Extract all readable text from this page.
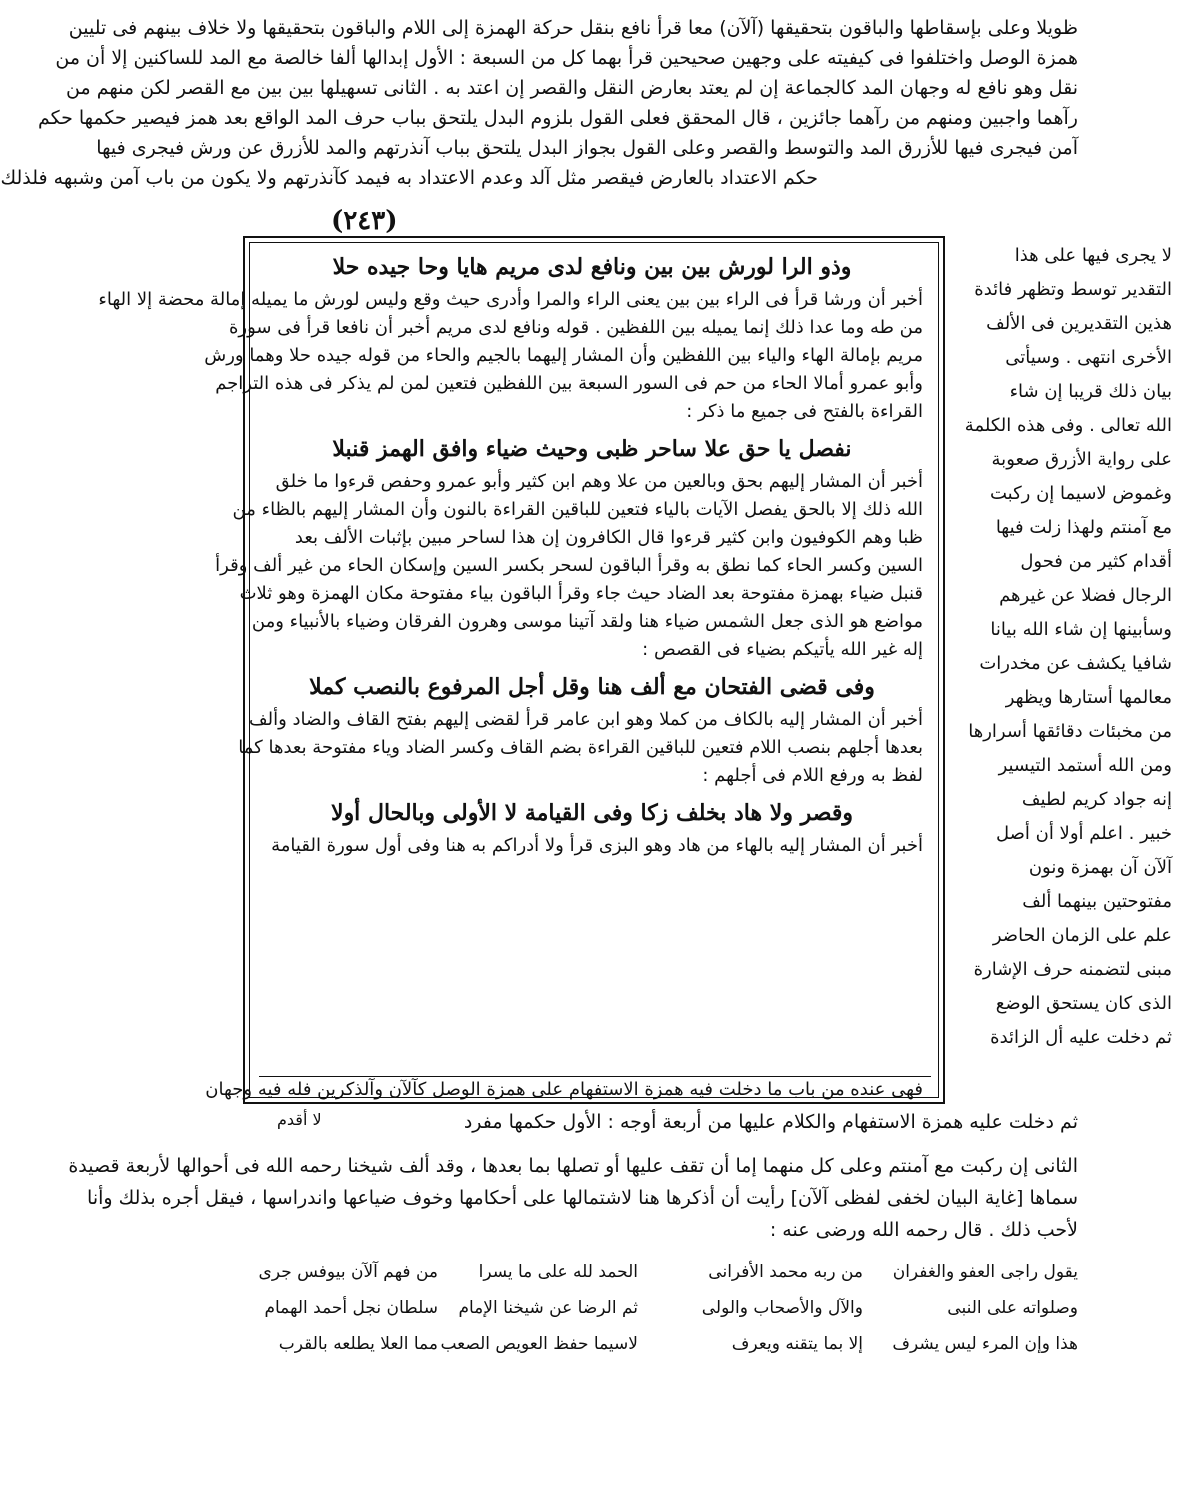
ظويلا وعلى بإسقاطها والباقون بتحقيقها (آلآن) معا قرأ نافع بنقل حركة الهمزة إلى اللام والباقون بتحقيقها ولا خلاف بينهم فى تليين
همزة الوصل واختلفوا فى كيفيته على وجهين صحيحين قرأ بهما كل من السبعة : الأول إبدالها ألفا خالصة مع المد للساكنين إلا أن من
نقل وهو نافع له وجهان المد كالجماعة إن لم يعتد بعارض النقل والقصر إن اعتد به . الثانى تسهيلها بين بين مع القصر لكن منهم من
رآهما واجبين ومنهم من رآهما جائزين ، قال المحقق فعلى القول بلزوم البدل يلتحق بباب حرف المد الواقع بعد همز فيصير حكمها حكم
آمن فيجرى فيها للأزرق المد والتوسط والقصر وعلى القول بجواز البدل يلتحق بباب آنذرتهم والمد للأزرق عن ورش فيجرى فيها
حكم الاعتداد بالعارض فيقصر مثل آلد وعدم الاعتداد به فيمد كآنذرتهم ولا يكون من باب آمن وشبهه فلذلك
(٢٤٣)
وذو الرا لورش بين بين ونافع لدى مريم هايا وحا جيده حلا
أخبر أن ورشا قرأ فى الراء بين بين يعنى الراء والمرا وأدرى حيث وقع وليس لورش ما يميله إمالة محضة إلا الهاء
من طه وما عدا ذلك إنما يميله بين اللفظين . قوله ونافع لدى مريم أخبر أن نافعا قرأ فى سورة
مريم بإمالة الهاء والياء بين اللفظين وأن المشار إليهما بالجيم والحاء من قوله جيده حلا وهما ورش
وأبو عمرو أمالا الحاء من حم فى السور السبعة بين اللفظين فتعين لمن لم يذكر فى هذه التراجم
القراءة بالفتح فى جميع ما ذكر :
نفصل يا حق علا ساحر ظبى وحيث ضياء وافق الهمز قنبلا
أخبر أن المشار إليهم بحق وبالعين من علا وهم ابن كثير وأبو عمرو وحفص قرءوا ما خلق
الله ذلك إلا بالحق يفصل الآيات بالياء فتعين للباقين القراءة بالنون وأن المشار إليهم بالظاء من
ظبا وهم الكوفيون وابن كثير قرءوا قال الكافرون إن هذا لساحر مبين بإثبات الألف بعد
السين وكسر الحاء كما نطق به وقرأ الباقون لسحر بكسر السين وإسكان الحاء من غير ألف وقرأ
قنبل ضياء بهمزة مفتوحة بعد الضاد حيث جاء وقرأ الباقون بياء مفتوحة مكان الهمزة وهو ثلاث
مواضع هو الذى جعل الشمس ضياء هنا ولقد آتينا موسى وهرون الفرقان وضياء بالأنبياء ومن
إله غير الله يأتيكم بضياء فى القصص :
وفى قضى الفتحان مع ألف هنا وقل أجل المرفوع بالنصب كملا
أخبر أن المشار إليه بالكاف من كملا وهو ابن عامر قرأ لقضى إليهم بفتح القاف والضاد وألف
بعدها أجلهم بنصب اللام فتعين للباقين القراءة بضم القاف وكسر الضاد وياء مفتوحة بعدها كما
لفظ به ورفع اللام فى أجلهم :
وقصر ولا هاد بخلف زكا وفى القيامة لا الأولى وبالحال أولا
أخبر أن المشار إليه بالهاء من هاد وهو البزى قرأ ولا أدراكم به هنا وفى أول سورة القيامة
فهى عنده من باب ما دخلت فيه همزة الاستفهام على همزة الوصل كآلآن وآلذكرين فله فيه وجهان
لا يجرى فيها على هذا
التقدير توسط وتظهر فائدة
هذين التقديرين فى الألف
الأخرى انتهى . وسيأتى
بيان ذلك قريبا إن شاء
الله تعالى . وفى هذه الكلمة
على رواية الأزرق صعوبة
وغموض لاسيما إن ركبت
مع آمنتم ولهذا زلت فيها
أقدام كثير من فحول
الرجال فضلا عن غيرهم
وسأبينها إن شاء الله بيانا
شافيا يكشف عن مخدرات
معالمها أستارها ويظهر
من مخبئات دقائقها أسرارها
ومن الله أستمد التيسير
إنه جواد كريم لطيف
خبير . اعلم أولا أن أصل
آلآن آن بهمزة ونون
مفتوحتين بينهما ألف
علم على الزمان الحاضر
مبنى لتضمنه حرف الإشارة
الذى كان يستحق الوضع
ثم دخلت عليه أل الزائدة
لا أقدم	ثم دخلت عليه همزة الاستفهام والكلام عليها من أربعة أوجه : الأول حكمها مفرد
الثانى إن ركبت مع آمنتم وعلى كل منهما إما أن تقف عليها أو تصلها بما بعدها ، وقد ألف شيخنا رحمه الله فى أحوالها لأربعة قصيدة
سماها [غاية البيان لخفى لفظى آلآن] رأيت أن أذكرها هنا لاشتمالها على أحكامها وخوف ضياعها واندراسها ، فيقل أجره بذلك وأنا
لأحب ذلك . قال رحمه الله ورضى عنه :
يقول راجى العفو والغفران
من ربه محمد الأفرانى
الحمد لله على ما يسرا
من فهم آلآن بيوفس جرى
وصلواته على النبى
والآل والأصحاب والولى
ثم الرضا عن شيخنا الإمام
سلطان نجل أحمد الهمام
هذا وإن المرء ليس يشرف
إلا بما يتقنه ويعرف
لاسيما حفظ العويص الصعب
مما العلا يطلعه بالقرب
